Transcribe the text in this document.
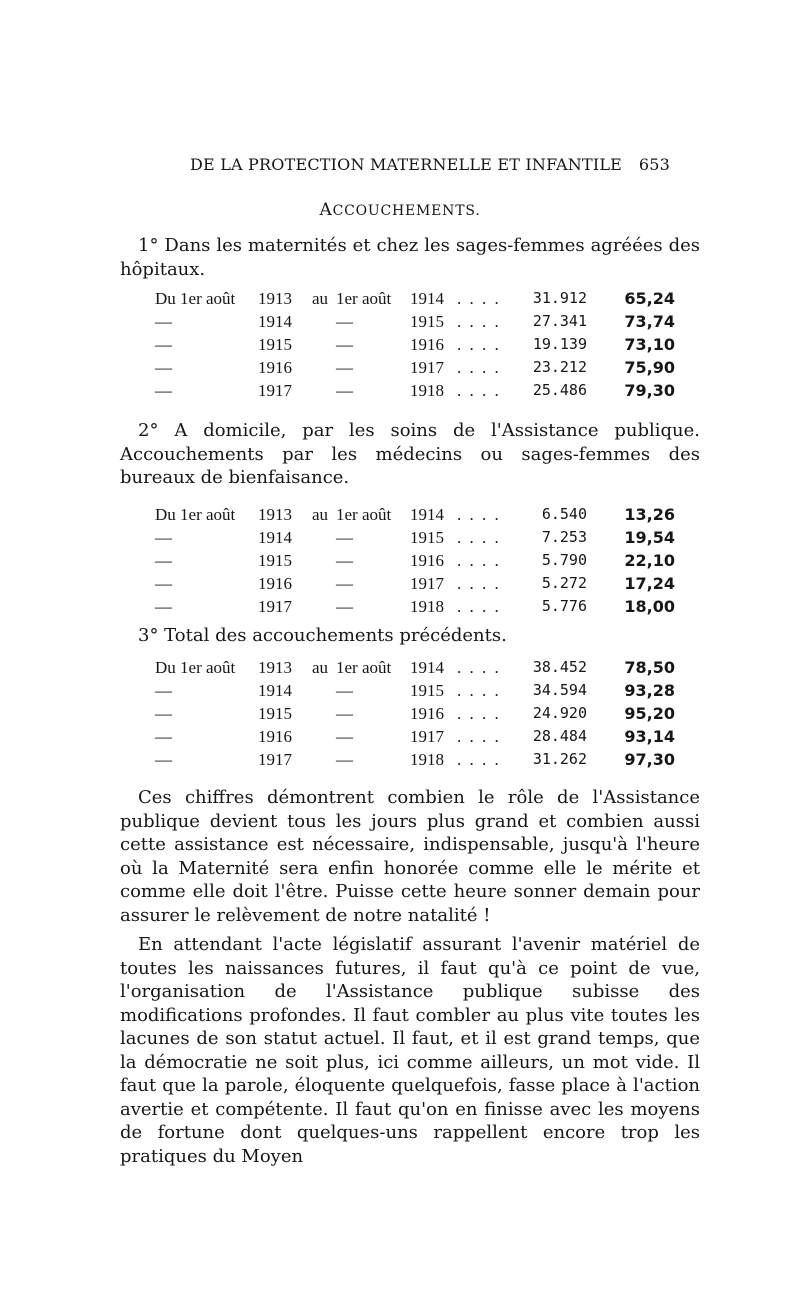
DE LA PROTECTION MATERNELLE ET INFANTILE 653
ACCOUCHEMENTS.
1° Dans les maternités et chez les sages-femmes agréées des hôpitaux.
Du 1er août 1913 au 1er août 1914 . . . .	31.912	65,24
—	1914	—	1915 . . . .	27.341	73,74
—	1915	—	1916 . . . .	19.139	73,10
—	1916	—	1917 . . . .	23.212	75,90
—	1917	—	1918 . . . .	25.486	79,30
2° A domicile, par les soins de l'Assistance publique. Accouchements par les médecins ou sages-femmes des bureaux de bienfaisance.
Du 1er août 1913 au 1er août 1914 . . . .	6.540	13,26
—	1914	—	1915 . . . .	7.253	19,54
—	1915	—	1916 . . . .	5.790	22,10
—	1916	—	1917 . . . .	5.272	17,24
—	1917	—	1918 . . . .	5.776	18,00
3° Total des accouchements précédents.
Du 1er août 1913 au 1er août 1914 . . . .	38.452	78,50
—	1914	—	1915 . . . .	34.594	93,28
—	1915	—	1916 . . . .	24.920	95,20
—	1916	—	1917 . . . .	28.484	93,14
—	1917	—	1918 . . . .	31.262	97,30
Ces chiffres démontrent combien le rôle de l'Assistance publique devient tous les jours plus grand et combien aussi cette assistance est nécessaire, indispensable, jusqu'à l'heure où la Maternité sera enfin honorée comme elle le mérite et comme elle doit l'être. Puisse cette heure sonner demain pour assurer le relèvement de notre natalité !
En attendant l'acte législatif assurant l'avenir matériel de toutes les naissances futures, il faut qu'à ce point de vue, l'organisation de l'Assistance publique subisse des modifications profondes. Il faut combler au plus vite toutes les lacunes de son statut actuel. Il faut, et il est grand temps, que la démocratie ne soit plus, ici comme ailleurs, un mot vide. Il faut que la parole, éloquente quelquefois, fasse place à l'action avertie et compétente. Il faut qu'on en finisse avec les moyens de fortune dont quelques-uns rappellent encore trop les pratiques du Moyen
